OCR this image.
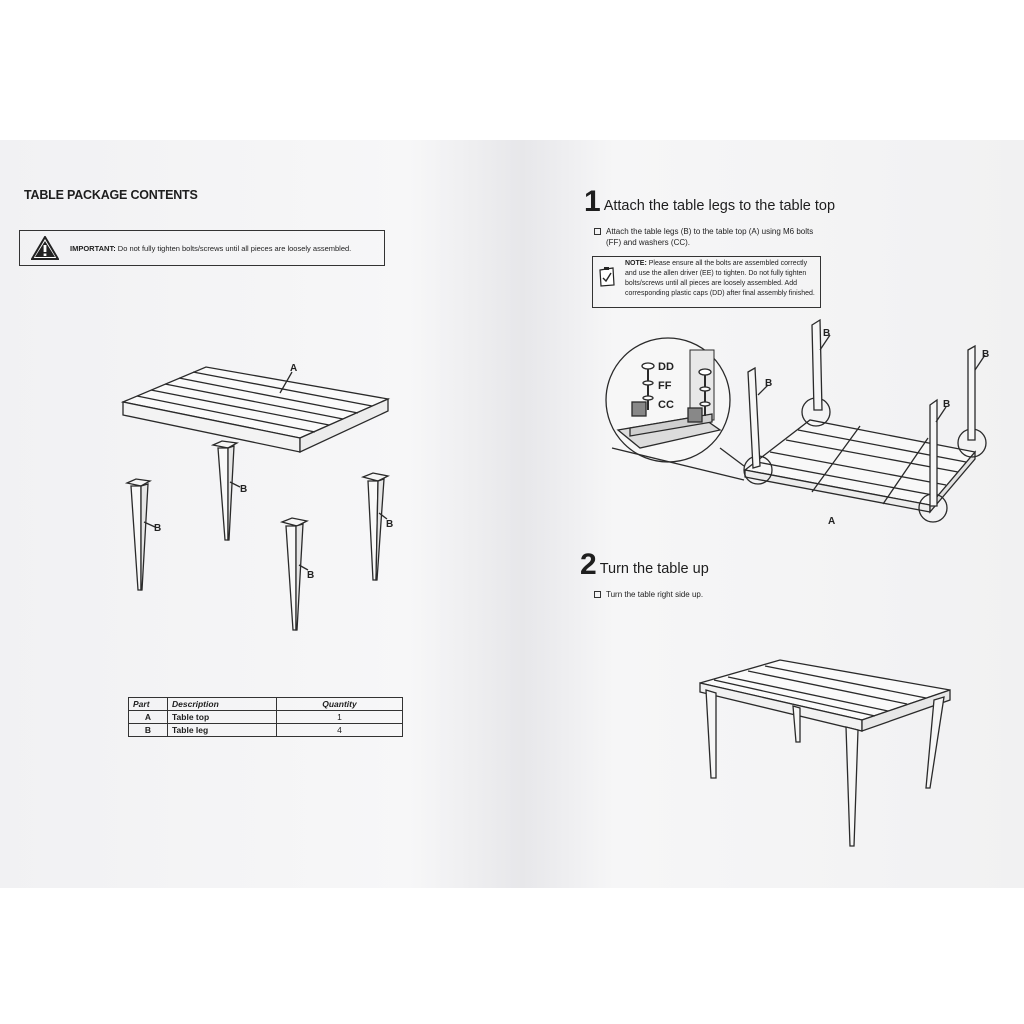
TABLE PACKAGE CONTENTS
IMPORTANT: Do not fully tighten bolts/screws until all pieces are loosely assembled.
A
B
B
B
B
Part	Description	Quantity
A	Table top	1
B	Table leg	4
1 Attach the table legs to the table top
Attach the table legs (B) to the table top (A) using M6 bolts
(FF) and washers (CC).
NOTE: Please ensure all the bolts are assembled correctly
and use the allen driver (EE) to tighten. Do not fully tighten
bolts/screws until all pieces are loosely assembled. Add
corresponding plastic caps (DD) after final assembly finished.
DD
FF
CC
A
B
B
B
B
2 Turn the table up
Turn the table right side up.
